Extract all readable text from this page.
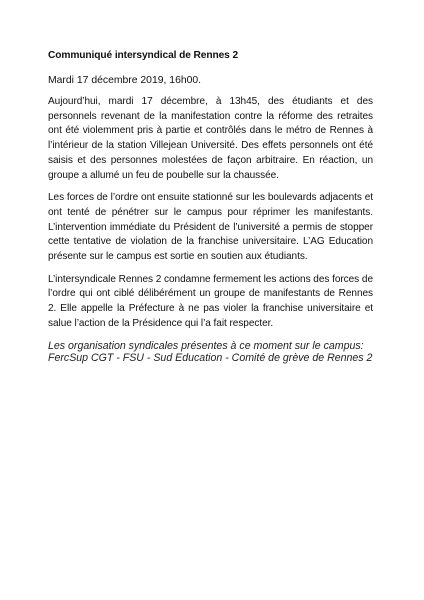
Communiqué intersyndical de Rennes 2

Mardi 17 décembre 2019, 16h00.

Aujourd’hui, mardi 17 décembre, à 13h45, des étudiants et des personnels revenant de la manifestation contre la réforme des retraites ont été violemment pris à partie et contrôlés dans le métro de Rennes à l’intérieur de la station Villejean Université. Des effets personnels ont été saisis et des personnes molestées de façon arbitraire. En réaction, un groupe a allumé un feu de poubelle sur la chaussée.

Les forces de l’ordre ont ensuite stationné sur les boulevards adjacents et ont tenté de pénétrer sur le campus pour réprimer les manifestants. L’intervention immédiate du Président de l’université a permis de stopper cette tentative de violation de la franchise universitaire. L’AG Education présente sur le campus est sortie en soutien aux étudiants.

L’intersyndicale Rennes 2 condamne fermement les actions des forces de l’ordre qui ont ciblé délibérément un groupe de manifestants de Rennes 2. Elle appelle la Préfecture à ne pas violer la franchise universitaire et salue l’action de la Présidence qui l’a fait respecter.

Les organisation syndicales présentes à ce moment sur le campus: FercSup CGT - FSU - Sud Education - Comité de grève de Rennes 2
